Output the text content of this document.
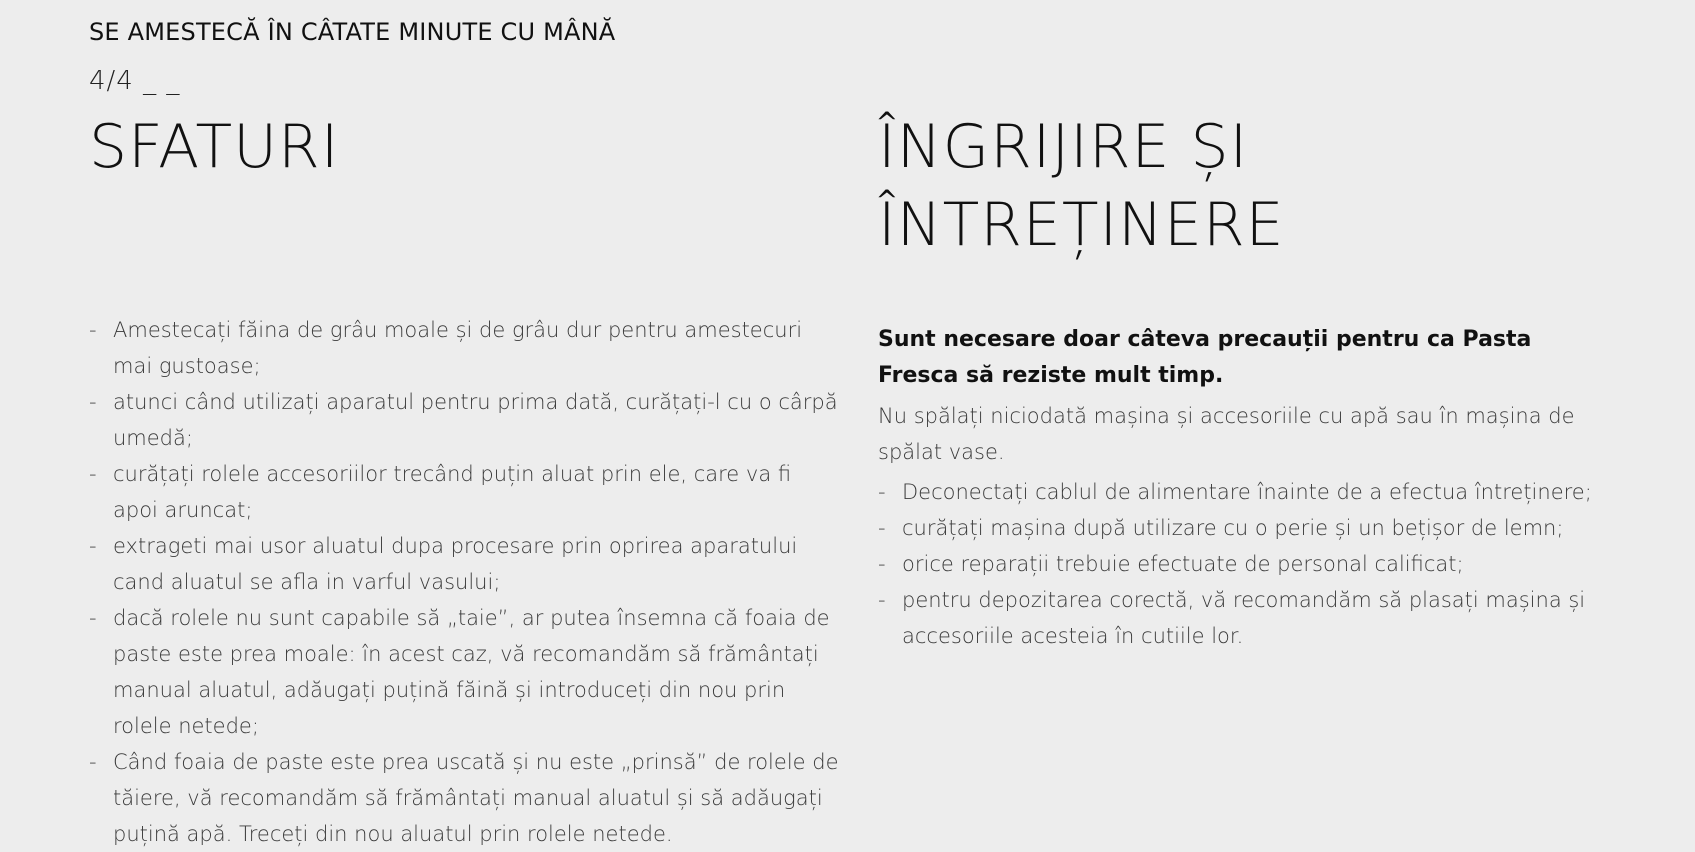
SE AMESTECĂ ÎN CÂTATE MINUTE CU MÂNĂ
4/4 _ _
SFATURI
- Amestecați făina de grâu moale și de grâu dur pentru amestecuri mai gustoase;
- atunci când utilizați aparatul pentru prima dată, curățați-l cu o cârpă umedă;
- curățați rolele accesoriilor trecând puțin aluat prin ele, care va fi apoi aruncat;
- extrageti mai usor aluatul dupa procesare prin oprirea aparatului cand aluatul se afla in varful vasului;
- dacă rolele nu sunt capabile să „taie”, ar putea însemna că foaia de paste este prea moale: în acest caz, vă recomandăm să frământați manual aluatul, adăugați puțină făină și introduceți din nou prin rolele netede;
- Când foaia de paste este prea uscată și nu este „prinsă” de rolele de tăiere, vă recomandăm să frământați manual aluatul și să adăugați puțină apă. Treceți din nou aluatul prin rolele netede.
ÎNGRIJIRE ȘI
ÎNTREȚINERE
Sunt necesare doar câteva precauții pentru ca Pasta Fresca să reziste mult timp.
Nu spălați niciodată mașina și accesoriile cu apă sau în mașina de spălat vase.
- Deconectați cablul de alimentare înainte de a efectua întreținere;
- curățați mașina după utilizare cu o perie și un bețișor de lemn;
- orice reparații trebuie efectuate de personal calificat;
- pentru depozitarea corectă, vă recomandăm să plasați mașina și accesoriile acesteia în cutiile lor.
